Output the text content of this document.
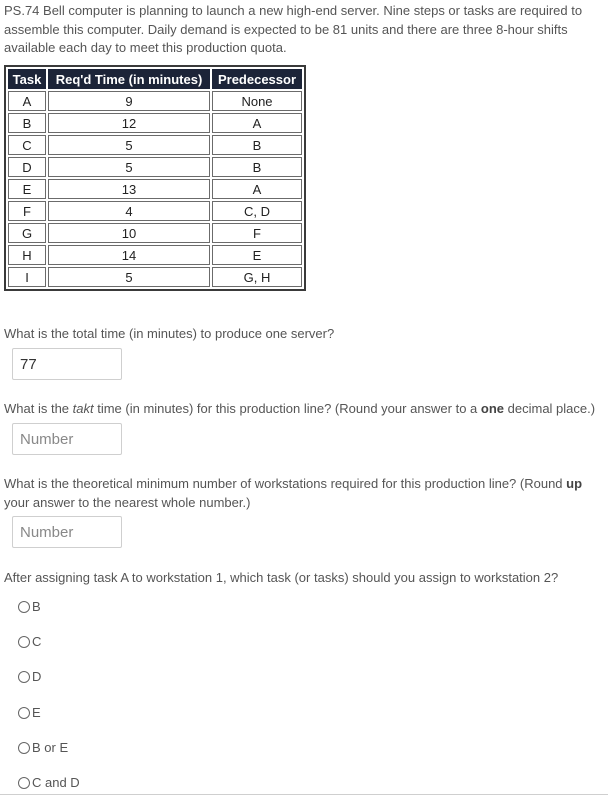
PS.74 Bell computer is planning to launch a new high-end server. Nine steps or tasks are required to assemble this computer. Daily demand is expected to be 81 units and there are three 8-hour shifts available each day to meet this production quota.
Task	Req'd Time (in minutes)	Predecessor
A	9	None
B	12	A
C	5	B
D	5	B
E	13	A
F	4	C, D
G	10	F
H	14	E
I	5	G, H
What is the total time (in minutes) to produce one server?
77
What is the takt time (in minutes) for this production line? (Round your answer to a one decimal place.)
Number
What is the theoretical minimum number of workstations required for this production line? (Round up your answer to the nearest whole number.)
Number
After assigning task A to workstation 1, which task (or tasks) should you assign to workstation 2?
B
C
D
E
B or E
C and D
